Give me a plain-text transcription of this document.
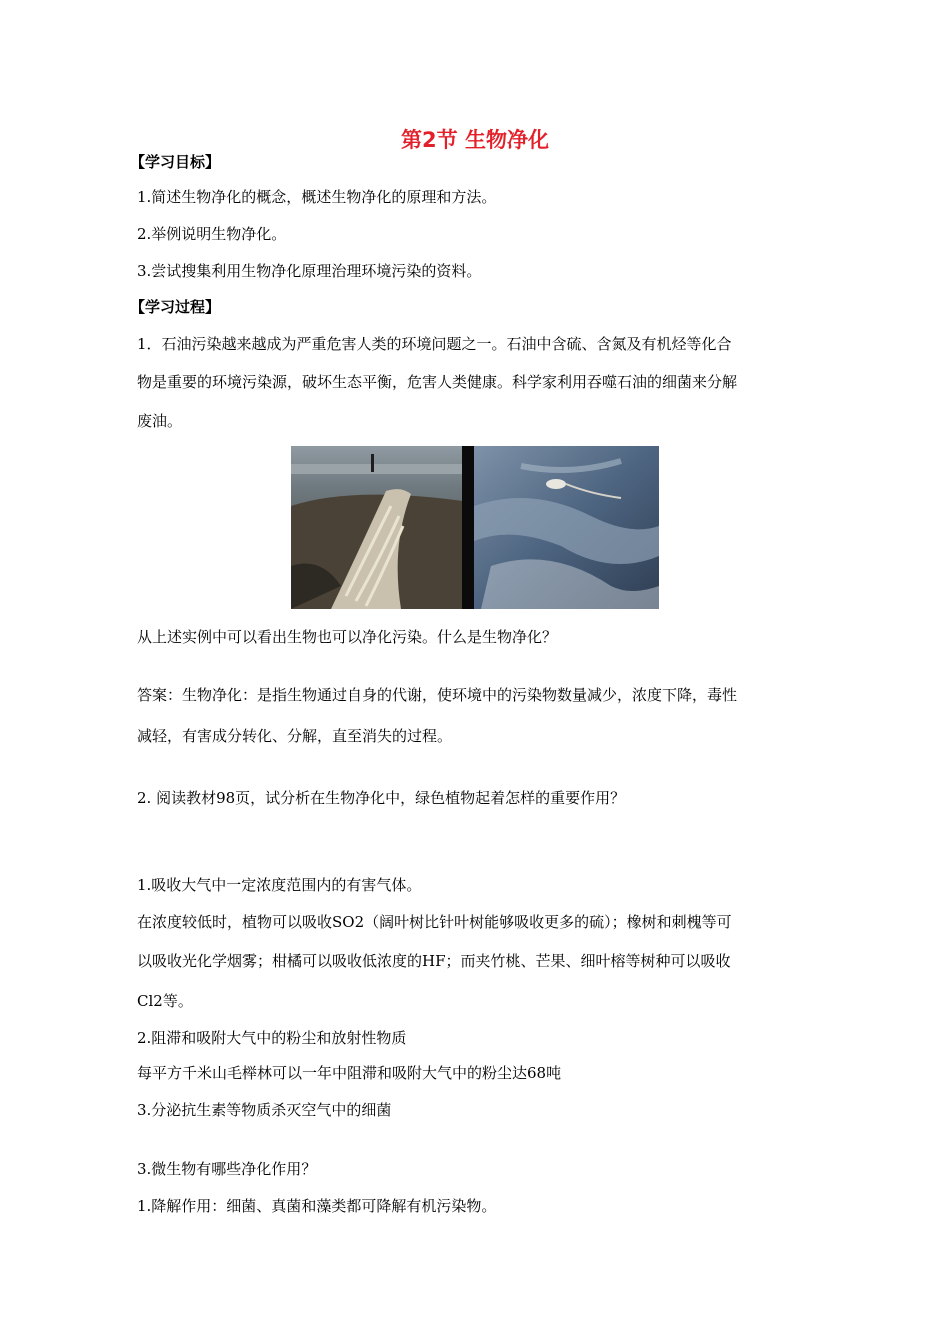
第2节 生物净化
【学习目标】
1.简述生物净化的概念，概述生物净化的原理和方法。
2.举例说明生物净化。
3.尝试搜集利用生物净化原理治理环境污染的资料。
【学习过程】
1．石油污染越来越成为严重危害人类的环境问题之一。石油中含硫、含氮及有机烃等化合
物是重要的环境污染源，破坏生态平衡，危害人类健康。科学家利用吞噬石油的细菌来分解
废油。
从上述实例中可以看出生物也可以净化污染。什么是生物净化？
答案：生物净化：是指生物通过自身的代谢，使环境中的污染物数量减少，浓度下降，毒性
减轻，有害成分转化、分解，直至消失的过程。
2. 阅读教材98页，试分析在生物净化中，绿色植物起着怎样的重要作用？
1.吸收大气中一定浓度范围内的有害气体。
在浓度较低时，植物可以吸收SO2（阔叶树比针叶树能够吸收更多的硫）；橡树和刺槐等可
以吸收光化学烟雾；柑橘可以吸收低浓度的HF；而夹竹桃、芒果、细叶榕等树种可以吸收
Cl2等。
2.阻滞和吸附大气中的粉尘和放射性物质
每平方千米山毛榉林可以一年中阻滞和吸附大气中的粉尘达68吨
3.分泌抗生素等物质杀灭空气中的细菌
3.微生物有哪些净化作用？
1.降解作用：细菌、真菌和藻类都可降解有机污染物。
